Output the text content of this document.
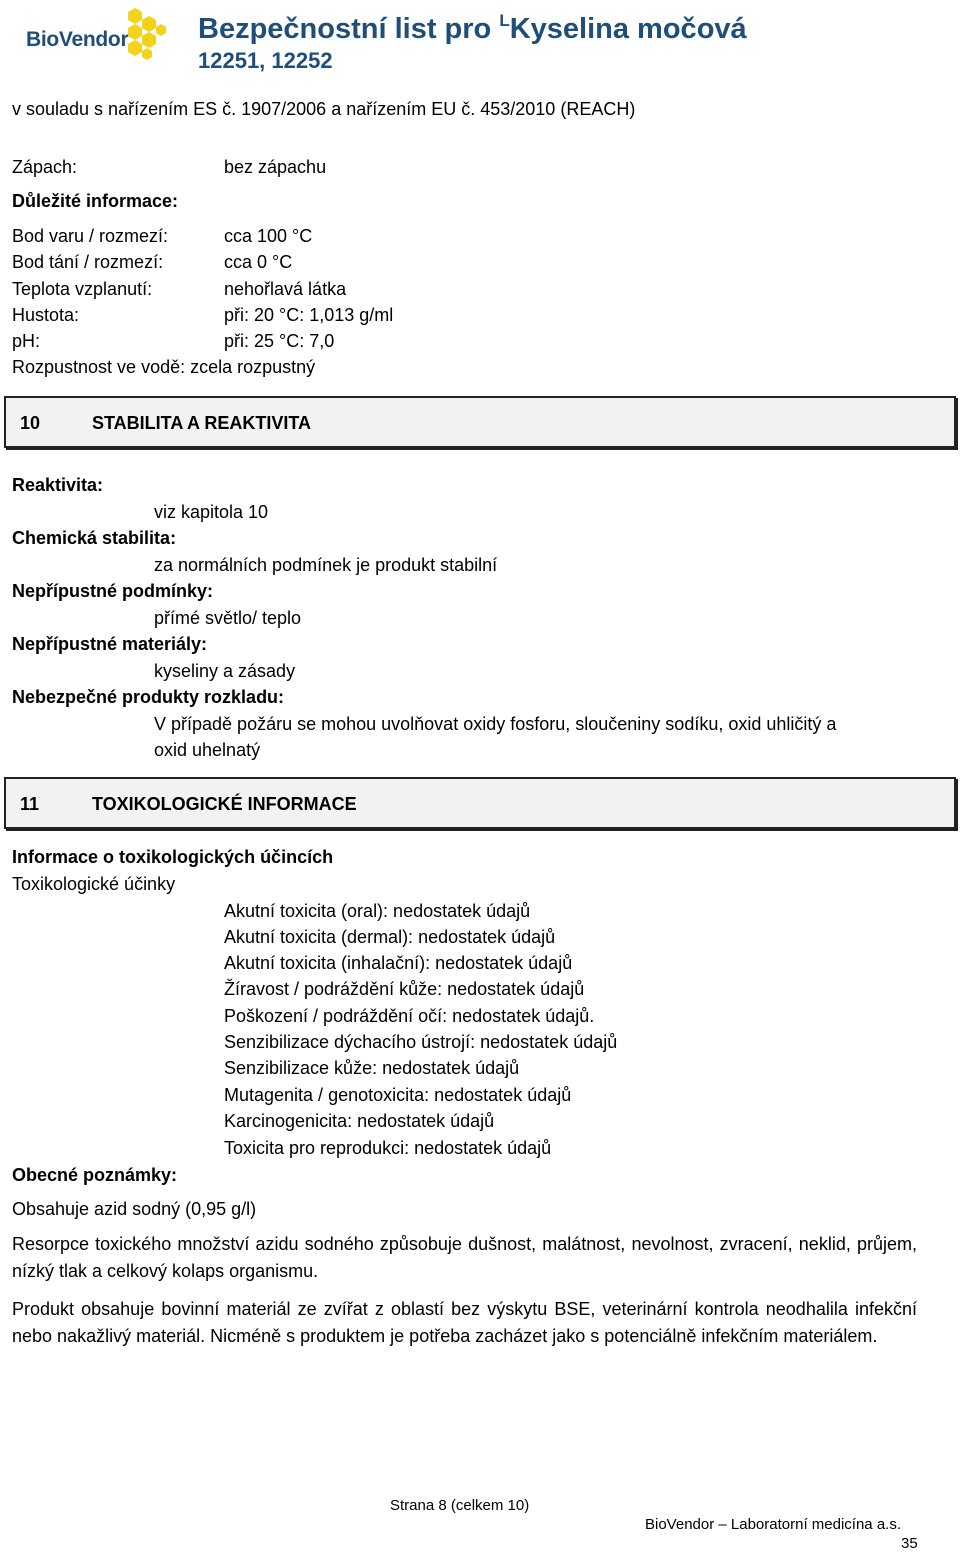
BioVendor Bezpečnostní list pro $^L$Kyselina močová
12251, 12252
v souladu s nařízením ES č. 1907/2006 a nařízením EU č. 453/2010 (REACH)
Zápach:	bez zápachu
Důležité informace:
Bod varu / rozmezí:	cca 100 °C
Bod tání / rozmezí:	cca 0 °C
Teplota vzplanutí:	nehořlavá látka
Hustota:	při: 20 °C: 1,013 g/ml
pH:	při: 25 °C: 7,0
Rozpustnost ve vodě: zcela rozpustný
10	STABILITA A REAKTIVITA
Reaktivita:
viz kapitola 10
Chemická stabilita:
za normálních podmínek je produkt stabilní
Nepřípustné podmínky:
přímé světlo/ teplo
Nepřípustné materiály:
kyseliny a zásady
Nebezpečné produkty rozkladu:
V případě požáru se mohou uvolňovat oxidy fosforu, sloučeniny sodíku, oxid uhličitý a
oxid uhelnatý
11	TOXIKOLOGICKÉ INFORMACE
Informace o toxikologických účincích
Toxikologické účinky
Akutní toxicita (oral): nedostatek údajů
Akutní toxicita (dermal): nedostatek údajů
Akutní toxicita (inhalační): nedostatek údajů
Žíravost / podráždění kůže: nedostatek údajů
Poškození / podráždění očí: nedostatek údajů.
Senzibilizace dýchacího ústrojí: nedostatek údajů
Senzibilizace kůže: nedostatek údajů
Mutagenita / genotoxicita: nedostatek údajů
Karcinogenicita: nedostatek údajů
Toxicita pro reprodukci: nedostatek údajů
Obecné poznámky:
Obsahuje azid sodný (0,95 g/l)
Resorpce toxického množství azidu sodného způsobuje dušnost, malátnost, nevolnost, zvracení, neklid, průjem, nízký tlak a celkový kolaps organismu.
Produkt obsahuje bovinní materiál ze zvířat z oblastí bez výskytu BSE, veterinární kontrola neodhalila infekční nebo nakažlivý materiál. Nicméně s produktem je potřeba zacházet jako s potenciálně infekčním materiálem.
Strana 8 (celkem 10)
BioVendor – Laboratorní medicína a.s.
35
